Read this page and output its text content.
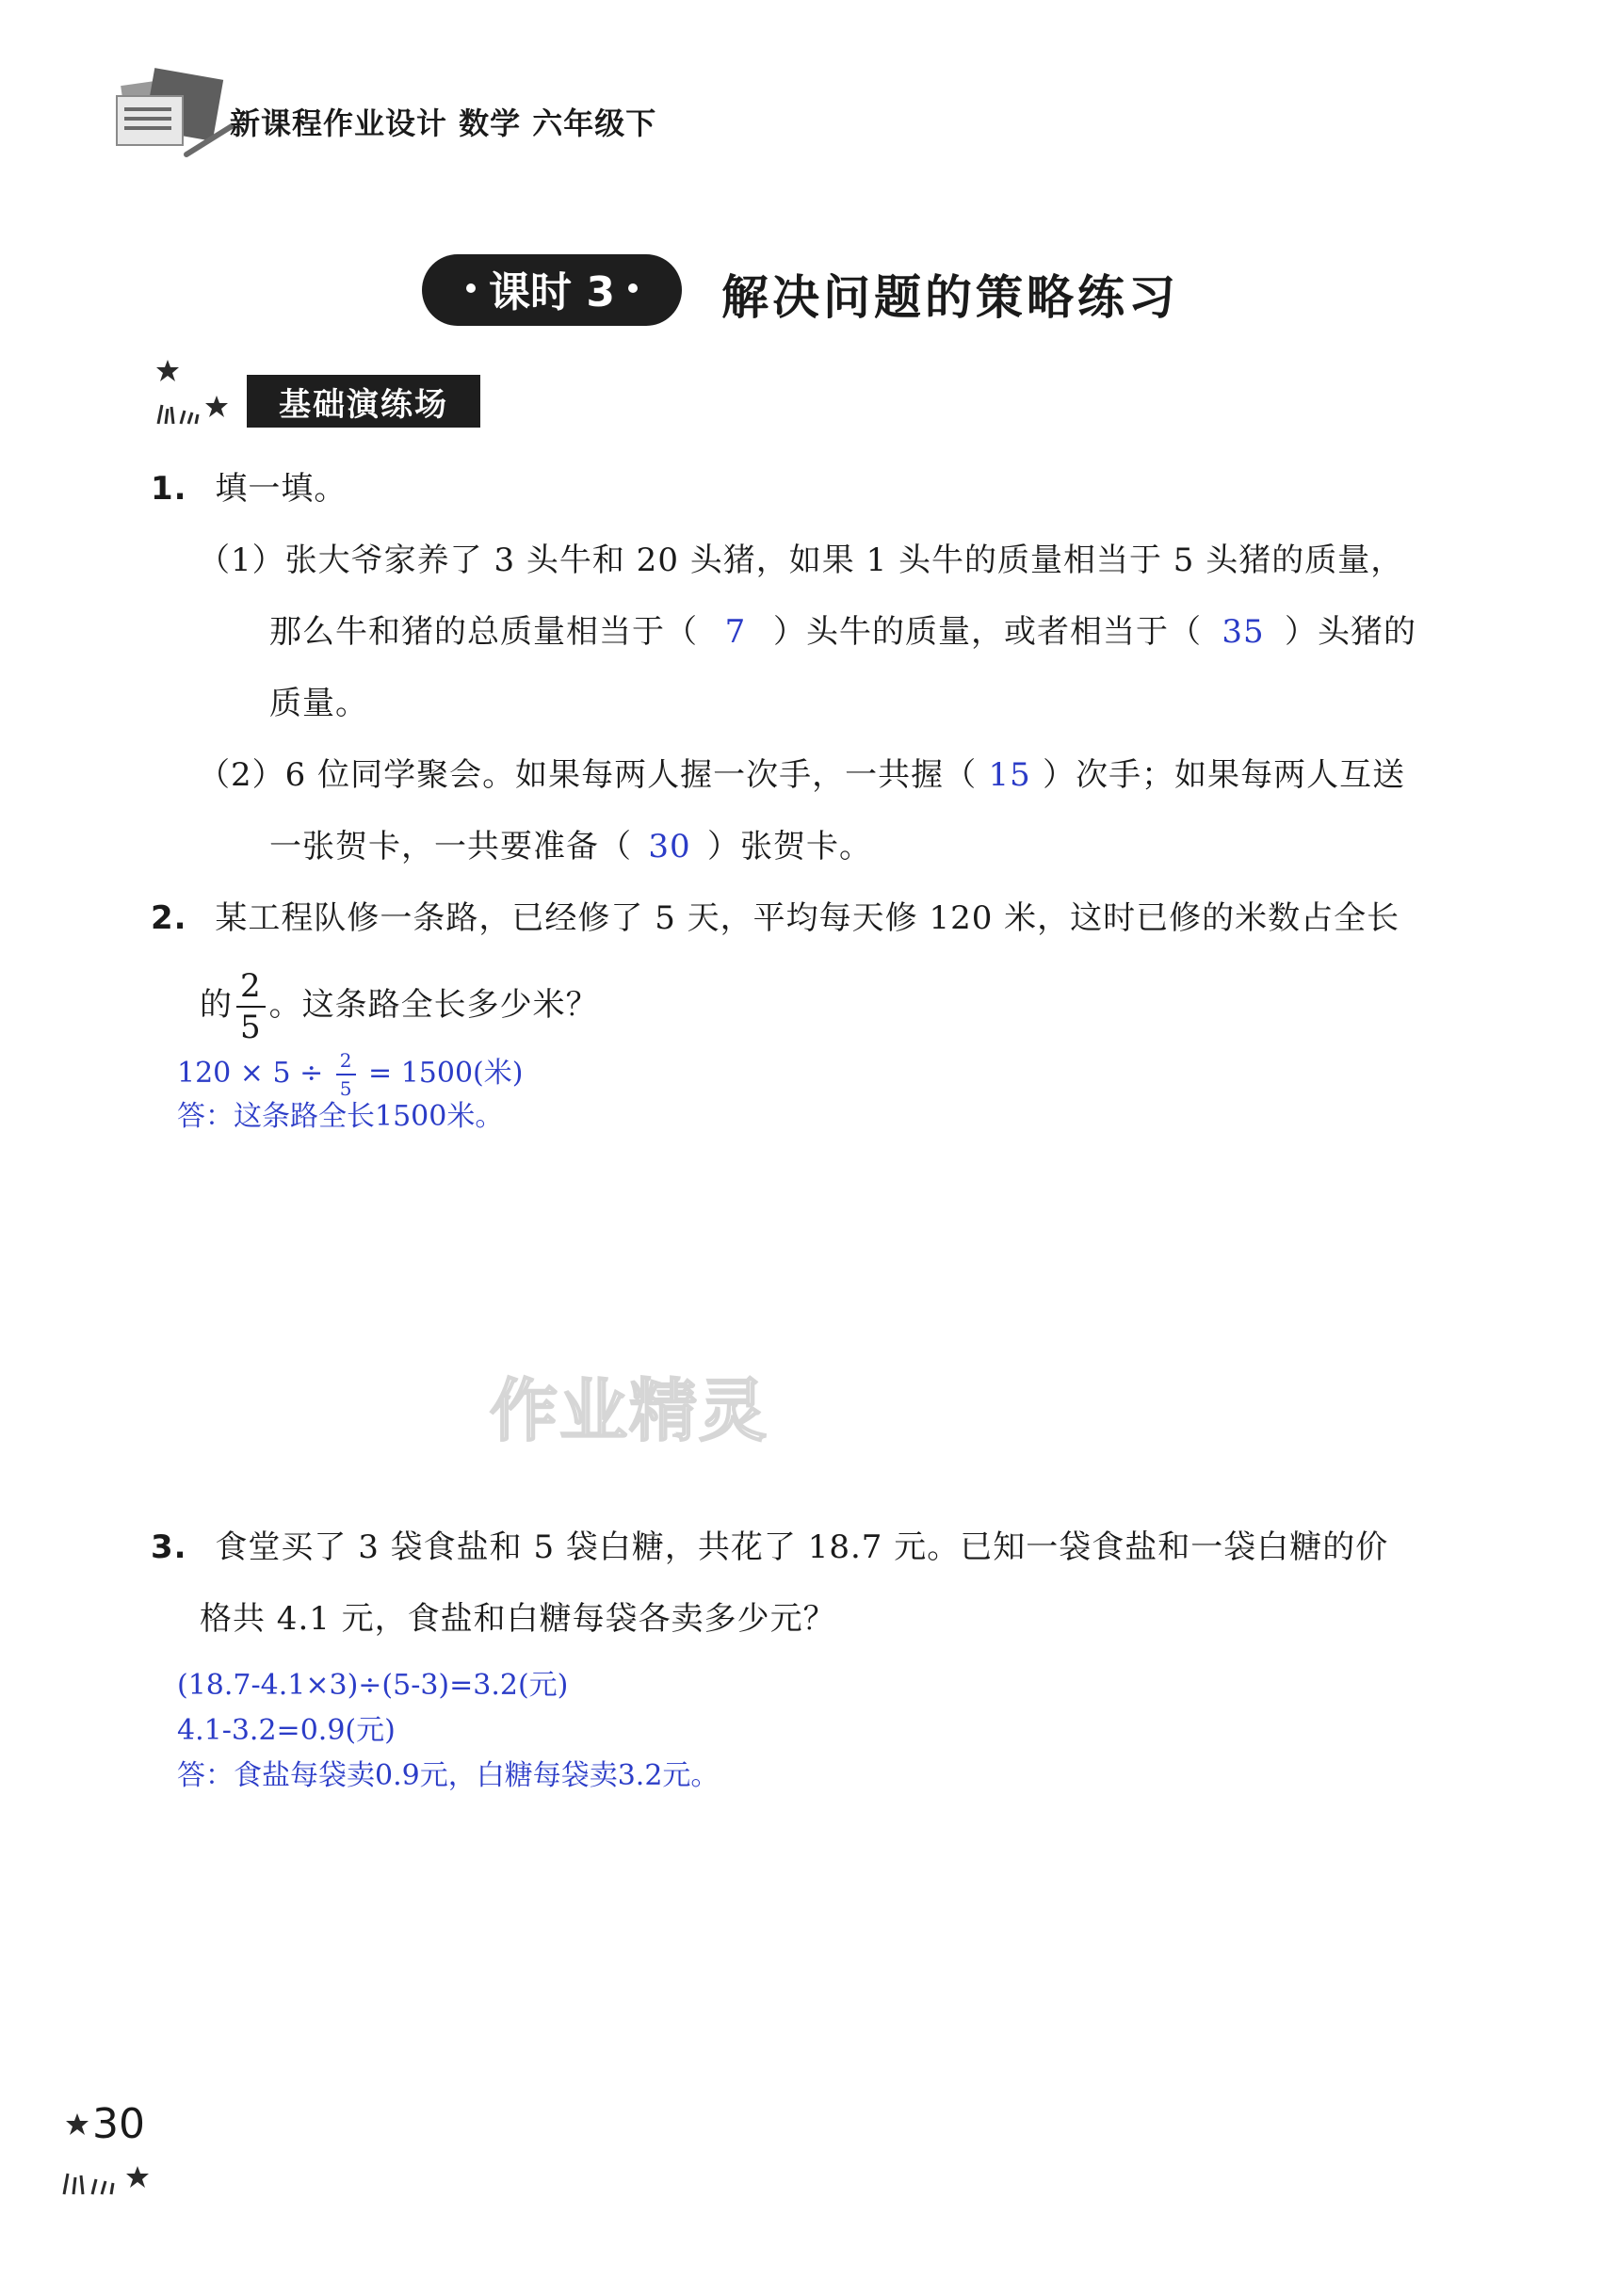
新课程作业设计 数学 六年级下
课时 3 解决问题的策略练习
基础演练场
1. 填一填。
（1）张大爷家养了 3 头牛和 20 头猪，如果 1 头牛的质量相当于 5 头猪的质量，
那么牛和猪的总质量相当于（ 7 ）头牛的质量，或者相当于（ 35 ）头猪的
质量。
（2）6 位同学聚会。如果每两人握一次手，一共握（ 15 ）次手；如果每两人互送
一张贺卡，一共要准备（ 30 ）张贺卡。
2. 某工程队修一条路，已经修了 5 天，平均每天修 120 米，这时已修的米数占全长
的 $\frac{2}{5}$ 。这条路全长多少米？
$120 \times 5 \div \frac{2}{5} = 1500$(米)
答：这条路全长1500米。
作业精灵
3. 食堂买了 3 袋食盐和 5 袋白糖，共花了 18.7 元。已知一袋食盐和一袋白糖的价
格共 4.1 元，食盐和白糖每袋各卖多少元？
(18.7-4.1×3)÷(5-3)=3.2(元)
4.1-3.2=0.9(元)
答：食盐每袋卖0.9元，白糖每袋卖3.2元。
30
